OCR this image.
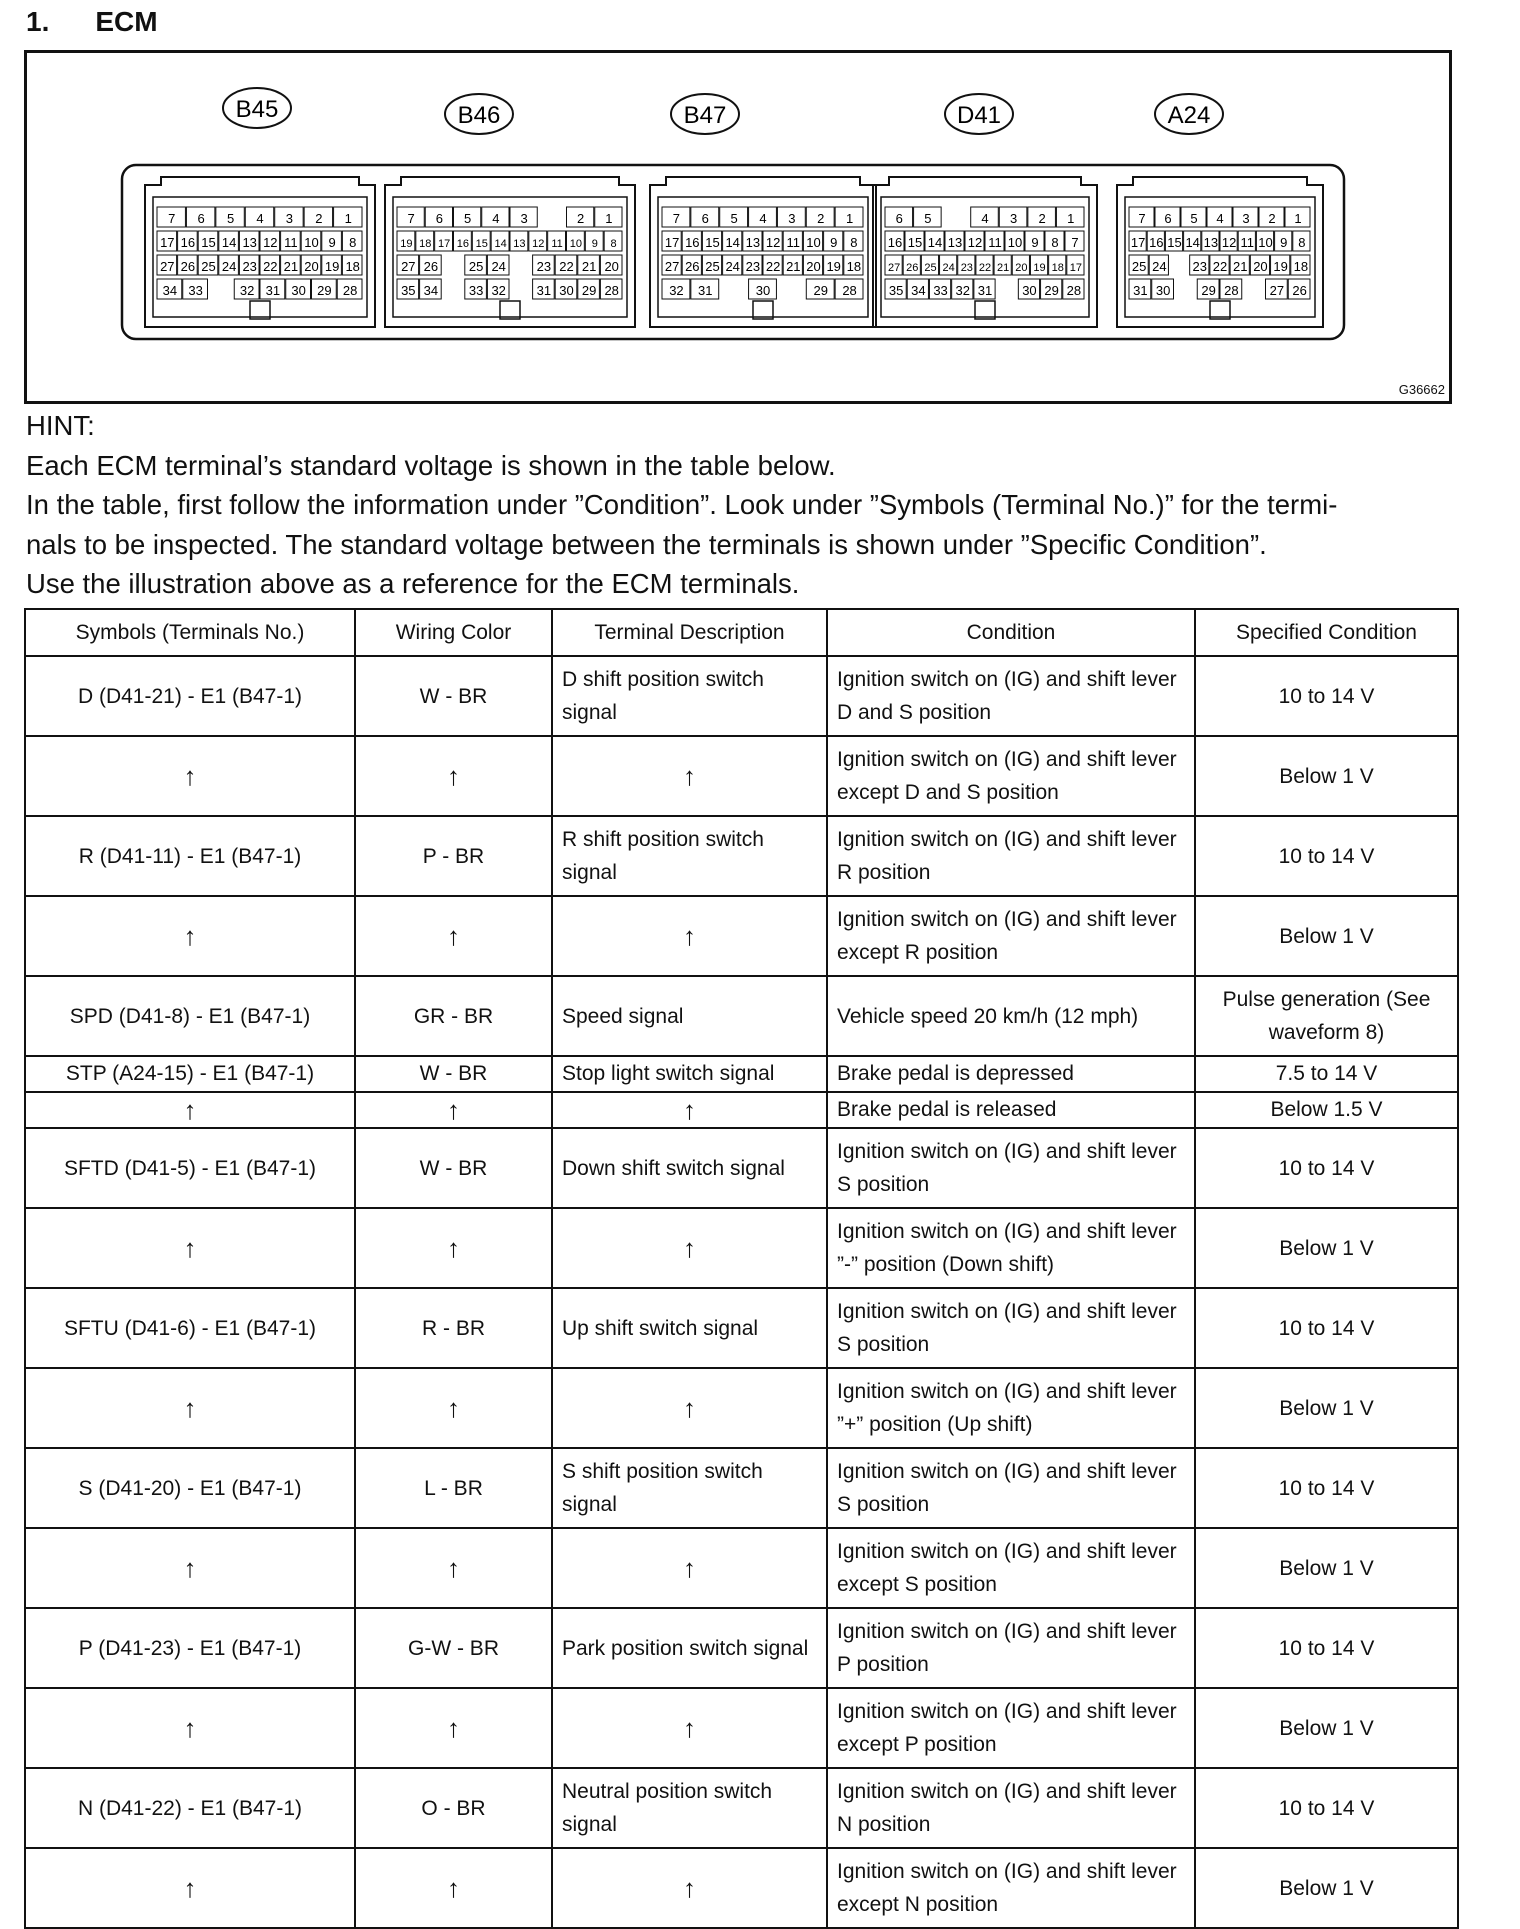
1. ECM
B45
7 6 5 4 3 2 1
17 16 15 14 13 12 11 10 9 8
27 26 25 24 23 22 21 20 19 18
34 33	32 31 30 29 28
B46
7 6 5 4 3	2 1
19 18 17 16 15 14 13 12 11 10 9 8
27 26 25 24 23 22 21 20
35 34 33 32 31 30 29 28
B47
7 6 5 4 3 2 1
17 16 15 14 13 12 11 10 9 8
27 26 25 24 23 22 21 20 19 18
32 31	30	29 28
D41
6 5	4 3 2 1
16 15 14 13 12 11 10 9 8 7
27 26 25 24 23 22 21 20 19 18 17
35 34 33 32 31 30 29 28
A24
7 6 5 4 3 2 1
17 16 15 14 13 12 11 10 9 8
25 24 23 22 21 20 19 18
31 30 29 28 27 26
G36662

HINT:

Each ECM terminal’s standard voltage is shown in the table below.

In the table, first follow the information under ”Condition”. Look under ”Symbols (Terminal No.)” for the termi-

nals to be inspected. The standard voltage between the terminals is shown under ”Specific Condition”.

Use the illustration above as a reference for the ECM terminals.

Symbols (Terminals No.)	Wiring Color	Terminal Description	Condition	Specified Condition
D (D41-21) - E1 (B47-1)	W - BR	D shift position switch signal	Ignition switch on (IG) and shift lever D and S position	10 to 14 V
↑	↑	↑	Ignition switch on (IG) and shift lever except D and S position	Below 1 V
R (D41-11) - E1 (B47-1)	P - BR	R shift position switch signal	Ignition switch on (IG) and shift lever R position	10 to 14 V
↑	↑	↑	Ignition switch on (IG) and shift lever except R position	Below 1 V
SPD (D41-8) - E1 (B47-1)	GR - BR	Speed signal	Vehicle speed 20 km/h (12 mph)	Pulse generation (See waveform 8)
STP (A24-15) - E1 (B47-1)	W - BR	Stop light switch signal	Brake pedal is depressed	7.5 to 14 V
↑	↑	↑	Brake pedal is released	Below 1.5 V
SFTD (D41-5) - E1 (B47-1)	W - BR	Down shift switch signal	Ignition switch on (IG) and shift lever S position	10 to 14 V
↑	↑	↑	Ignition switch on (IG) and shift lever ”-” position (Down shift)	Below 1 V
SFTU (D41-6) - E1 (B47-1)	R - BR	Up shift switch signal	Ignition switch on (IG) and shift lever S position	10 to 14 V
↑	↑	↑	Ignition switch on (IG) and shift lever ”+” position (Up shift)	Below 1 V
S (D41-20) - E1 (B47-1)	L - BR	S shift position switch signal	Ignition switch on (IG) and shift lever S position	10 to 14 V
↑	↑	↑	Ignition switch on (IG) and shift lever except S position	Below 1 V
P (D41-23) - E1 (B47-1)	G-W - BR	Park position switch signal	Ignition switch on (IG) and shift lever P position	10 to 14 V
↑	↑	↑	Ignition switch on (IG) and shift lever except P position	Below 1 V
N (D41-22) - E1 (B47-1)	O - BR	Neutral position switch signal	Ignition switch on (IG) and shift lever N position	10 to 14 V
↑	↑	↑	Ignition switch on (IG) and shift lever except N position	Below 1 V
